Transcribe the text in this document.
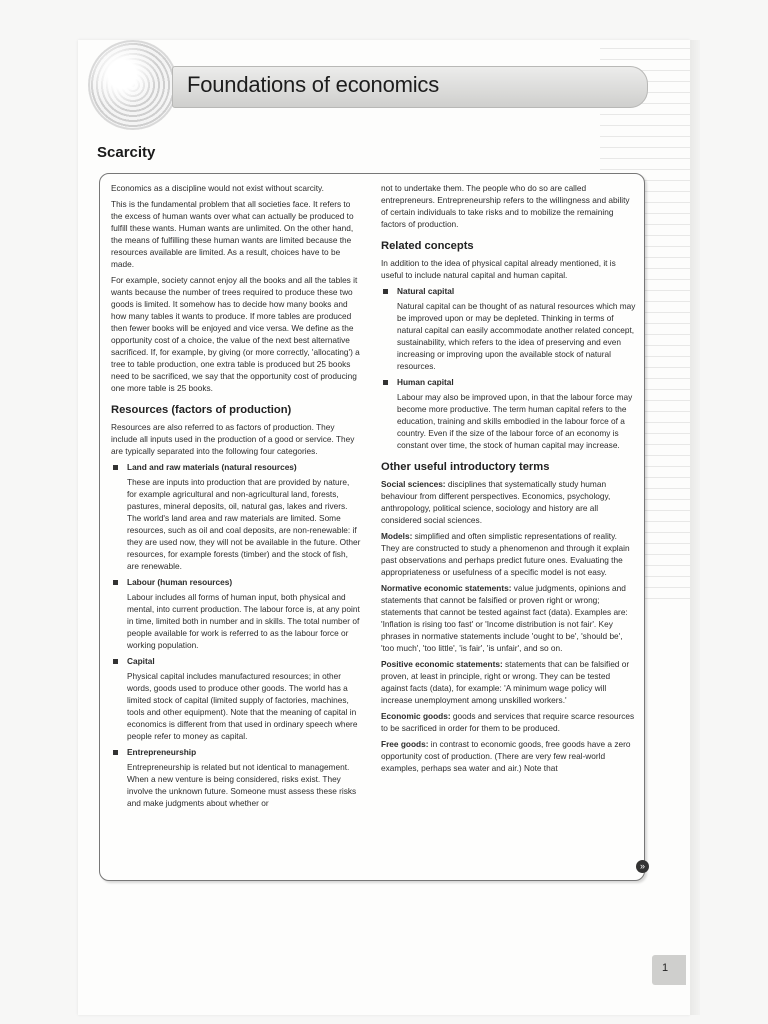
Foundations of economics
Scarcity

Economics as a discipline would not exist without scarcity.

This is the fundamental problem that all societies face. It refers to the excess of human wants over what can actually be produced to fulfill these wants. Human wants are unlimited. On the other hand, the means of fulfilling these human wants are limited because the resources available are limited. As a result, choices have to be made.

For example, society cannot enjoy all the books and all the tables it wants because the number of trees required to produce these two goods is limited. It somehow has to decide how many books and how many tables it wants to produce. If more tables are produced then fewer books will be enjoyed and vice versa. We define as the opportunity cost of a choice, the value of the next best alternative sacrificed. If, for example, by giving (or more correctly, 'allocating') a tree to table production, one extra table is produced but 25 books need to be sacrificed, we say that the opportunity cost of producing one more table is 25 books.

Resources (factors of production)

Resources are also referred to as factors of production. They include all inputs used in the production of a good or service. They are typically separated into the following four categories.

Land and raw materials (natural resources)

These are inputs into production that are provided by nature, for example agricultural and non-agricultural land, forests, pastures, mineral deposits, oil, natural gas, lakes and rivers. The world's land area and raw materials are limited. Some resources, such as oil and coal deposits, are non-renewable: if they are used now, they will not be available in the future. Other resources, for example forests (timber) and the stock of fish, are renewable.

Labour (human resources)

Labour includes all forms of human input, both physical and mental, into current production. The labour force is, at any point in time, limited both in number and in skills. The total number of people available for work is referred to as the labour force or working population.

Capital

Physical capital includes manufactured resources; in other words, goods used to produce other goods. The world has a limited stock of capital (limited supply of factories, machines, tools and other equipment). Note that the meaning of capital in economics is different from that used in ordinary speech where people refer to money as capital.

Entrepreneurship

Entrepreneurship is related but not identical to management. When a new venture is being considered, risks exist. They involve the unknown future. Someone must assess these risks and make judgments about whether or

not to undertake them. The people who do so are called entrepreneurs. Entrepreneurship refers to the willingness and ability of certain individuals to take risks and to mobilize the remaining factors of production.

Related concepts

In addition to the idea of physical capital already mentioned, it is useful to include natural capital and human capital.

Natural capital

Natural capital can be thought of as natural resources which may be improved upon or may be depleted. Thinking in terms of natural capital can easily accommodate another related concept, sustainability, which refers to the idea of preserving and even increasing or improving upon the available stock of natural resources.

Human capital

Labour may also be improved upon, in that the labour force may become more productive. The term human capital refers to the education, training and skills embodied in the labour force of a country. Even if the size of the labour force of an economy is constant over time, the stock of human capital may increase.

Other useful introductory terms

Social sciences: disciplines that systematically study human behaviour from different perspectives. Economics, psychology, anthropology, political science, sociology and history are all considered social sciences.

Models: simplified and often simplistic representations of reality. They are constructed to study a phenomenon and through it explain past observations and perhaps predict future ones. Evaluating the appropriateness or usefulness of a specific model is not easy.

Normative economic statements: value judgments, opinions and statements that cannot be falsified or proven right or wrong; statements that cannot be tested against fact (data). Examples are: 'Inflation is rising too fast' or 'Income distribution is not fair'. Key phrases in normative statements include 'ought to be', 'should be', 'too much', 'too little', 'is fair', 'is unfair', and so on.

Positive economic statements: statements that can be falsified or proven, at least in principle, right or wrong. They can be tested against facts (data), for example: 'A minimum wage policy will increase unemployment among unskilled workers.'

Economic goods: goods and services that require scarce resources to be sacrificed in order for them to be produced.

Free goods: in contrast to economic goods, free goods have a zero opportunity cost of production. (There are very few real-world examples, perhaps sea water and air.) Note that

»
1
